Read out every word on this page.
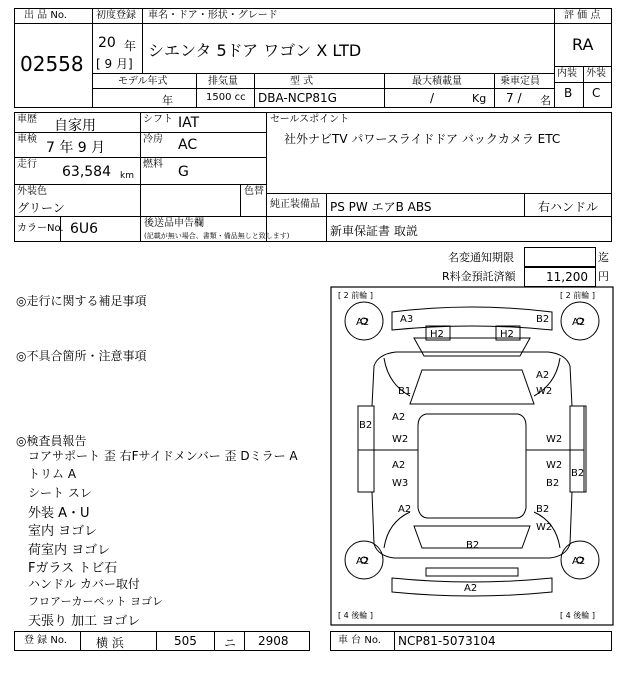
出 品 No.
02558
初度登録 車名・ドア・形状・グレード
20 年
[ 9 月]
シエンタ 5ドア ワゴン X LTD
評 価 点
RA
内装 外装
B C
モデル年式	排気量	型 式	最大積載量	乗車定員
年	1500 cc DBA-NCP81G	/	Kg 7 / 名
車歴 自家用	シフト IAT
車検
7 年 9 月
冷房 AC
走行 63,584 km
燃料 G
外装色
グリーン
色替
カラーNo. 6U6	後送品申告欄
(記載が無い場合、書類・備品無しと致します)
セールスポイント
社外ナビTV パワースライドドア バックカメラ ETC
純正装備品 PS PW エアB ABS	右ハンドル
新車保証書 取説
名変通知期限	迄
R料金預託済額	11,200 円
◎走行に関する補足事項
◎不具合箇所・注意事項
◎検査員報告
コアサポート 歪 右Fサイドメンバー 歪 Dミラー A
トリム A
シート スレ
外装 A・U
室内 ヨゴレ
荷室内 ヨゴレ
Fガラス トビ石
ハンドル カバー取付
フロアーカーペット ヨゴレ
天張り 加工 ヨゴレ
[ 2 前輪 ]	[ 2 前輪 ]
[ 4 後輪 ]	[ 4 後輪 ]
A2	A2
A2	A2
A3	B2
H2	H2
B1
A2
W2
B2
B2
A2
W2	W2
A2
W3
W2
B2
A2	B2
W2
B2
A2
登 録 No. 横 浜	505 ニ 2908	車 台 No. NCP81-5073104
